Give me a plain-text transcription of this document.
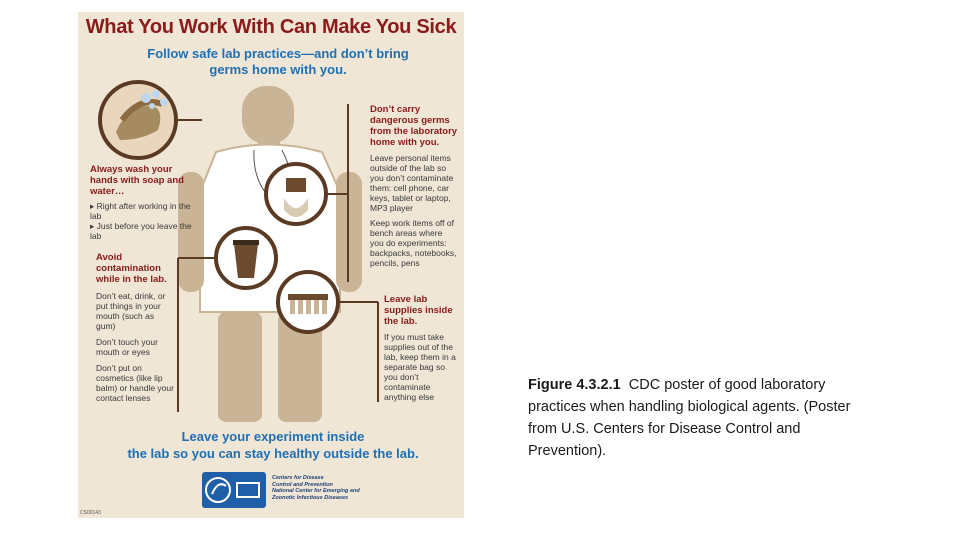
What You Work With Can Make You Sick
Follow safe lab practices—and don’t bring
germs home with you.
Always wash your hands with soap and water…
▸ Right after working in the lab
▸ Just before you leave the lab
Avoid contamination while in the lab.
Don’t eat, drink, or put things in your mouth (such as gum)
Don’t touch your mouth or eyes
Don’t put on cosmetics (like lip balm) or handle your contact lenses
Don’t carry dangerous germs from the laboratory home with you.
Leave personal items outside of the lab so you don’t contaminate them: cell phone, car keys, tablet or laptop, MP3 player
Keep work items off of bench areas where you do experiments: backpacks, notebooks, pencils, pens
Leave lab supplies inside the lab.
If you must take supplies out of the lab, keep them in a separate bag so you don’t contaminate anything else
Leave your experiment inside
the lab so you can stay healthy outside the lab.
Centers for Disease
Control and Prevention
National Center for Emerging and
Zoonotic Infectious Diseases
CS00143
Figure 4.3.2.1 CDC poster of good laboratory practices when handling biological agents. (Poster from U.S. Centers for Disease Control and Prevention).
